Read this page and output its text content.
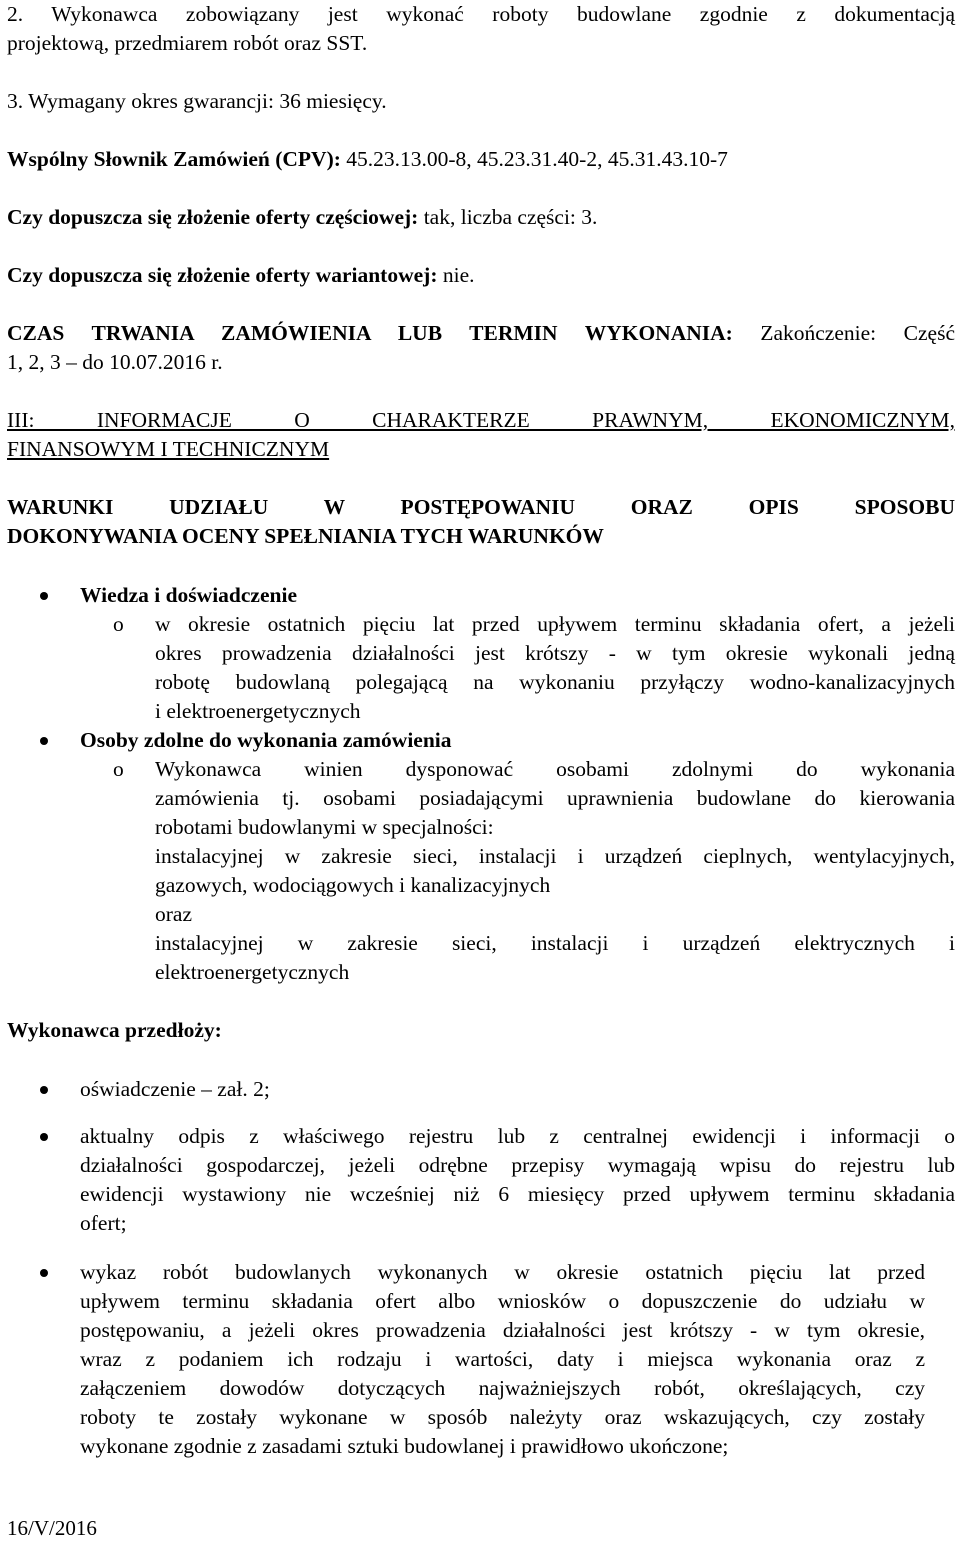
2. Wykonawca zobowiązany jest wykonać roboty budowlane zgodnie z dokumentacją
projektową, przedmiarem robót oraz SST.
3. Wymagany okres gwarancji: 36 miesięcy.
Wspólny Słownik Zamówień (CPV): 45.23.13.00-8, 45.23.31.40-2, 45.31.43.10-7
Czy dopuszcza się złożenie oferty częściowej: tak, liczba części: 3.
Czy dopuszcza się złożenie oferty wariantowej: nie.
CZAS TRWANIA ZAMÓWIENIA LUB TERMIN WYKONANIA: Zakończenie: Część
1, 2, 3 – do 10.07.2016 r.
III: INFORMACJE O CHARAKTERZE PRAWNYM, EKONOMICZNYM,
FINANSOWYM I TECHNICZNYM
WARUNKI UDZIAŁU W POSTĘPOWANIU ORAZ OPIS SPOSOBU
DOKONYWANIA OCENY SPEŁNIANIA TYCH WARUNKÓW
Wiedza i doświadczenie
o w okresie ostatnich pięciu lat przed upływem terminu składania ofert, a jeżeli
okres prowadzenia działalności jest krótszy - w tym okresie wykonali jedną
robotę budowlaną polegającą na wykonaniu przyłączy wodno-kanalizacyjnych
i elektroenergetycznych
Osoby zdolne do wykonania zamówienia
o Wykonawca winien dysponować osobami zdolnymi do wykonania
zamówienia tj. osobami posiadającymi uprawnienia budowlane do kierowania
robotami budowlanymi w specjalności:
instalacyjnej w zakresie sieci, instalacji i urządzeń cieplnych, wentylacyjnych,
gazowych, wodociągowych i kanalizacyjnych
oraz
instalacyjnej w zakresie sieci, instalacji i urządzeń elektrycznych i
elektroenergetycznych
Wykonawca przedłoży:
oświadczenie – zał. 2;
aktualny odpis z właściwego rejestru lub z centralnej ewidencji i informacji o
działalności gospodarczej, jeżeli odrębne przepisy wymagają wpisu do rejestru lub
ewidencji wystawiony nie wcześniej niż 6 miesięcy przed upływem terminu składania
ofert;
wykaz robót budowlanych wykonanych w okresie ostatnich pięciu lat przed
upływem terminu składania ofert albo wniosków o dopuszczenie do udziału w
postępowaniu, a jeżeli okres prowadzenia działalności jest krótszy - w tym okresie,
wraz z podaniem ich rodzaju i wartości, daty i miejsca wykonania oraz z
załączeniem dowodów dotyczących najważniejszych robót, określających, czy
roboty te zostały wykonane w sposób należyty oraz wskazujących, czy zostały
wykonane zgodnie z zasadami sztuki budowlanej i prawidłowo ukończone;
16/V/2016
